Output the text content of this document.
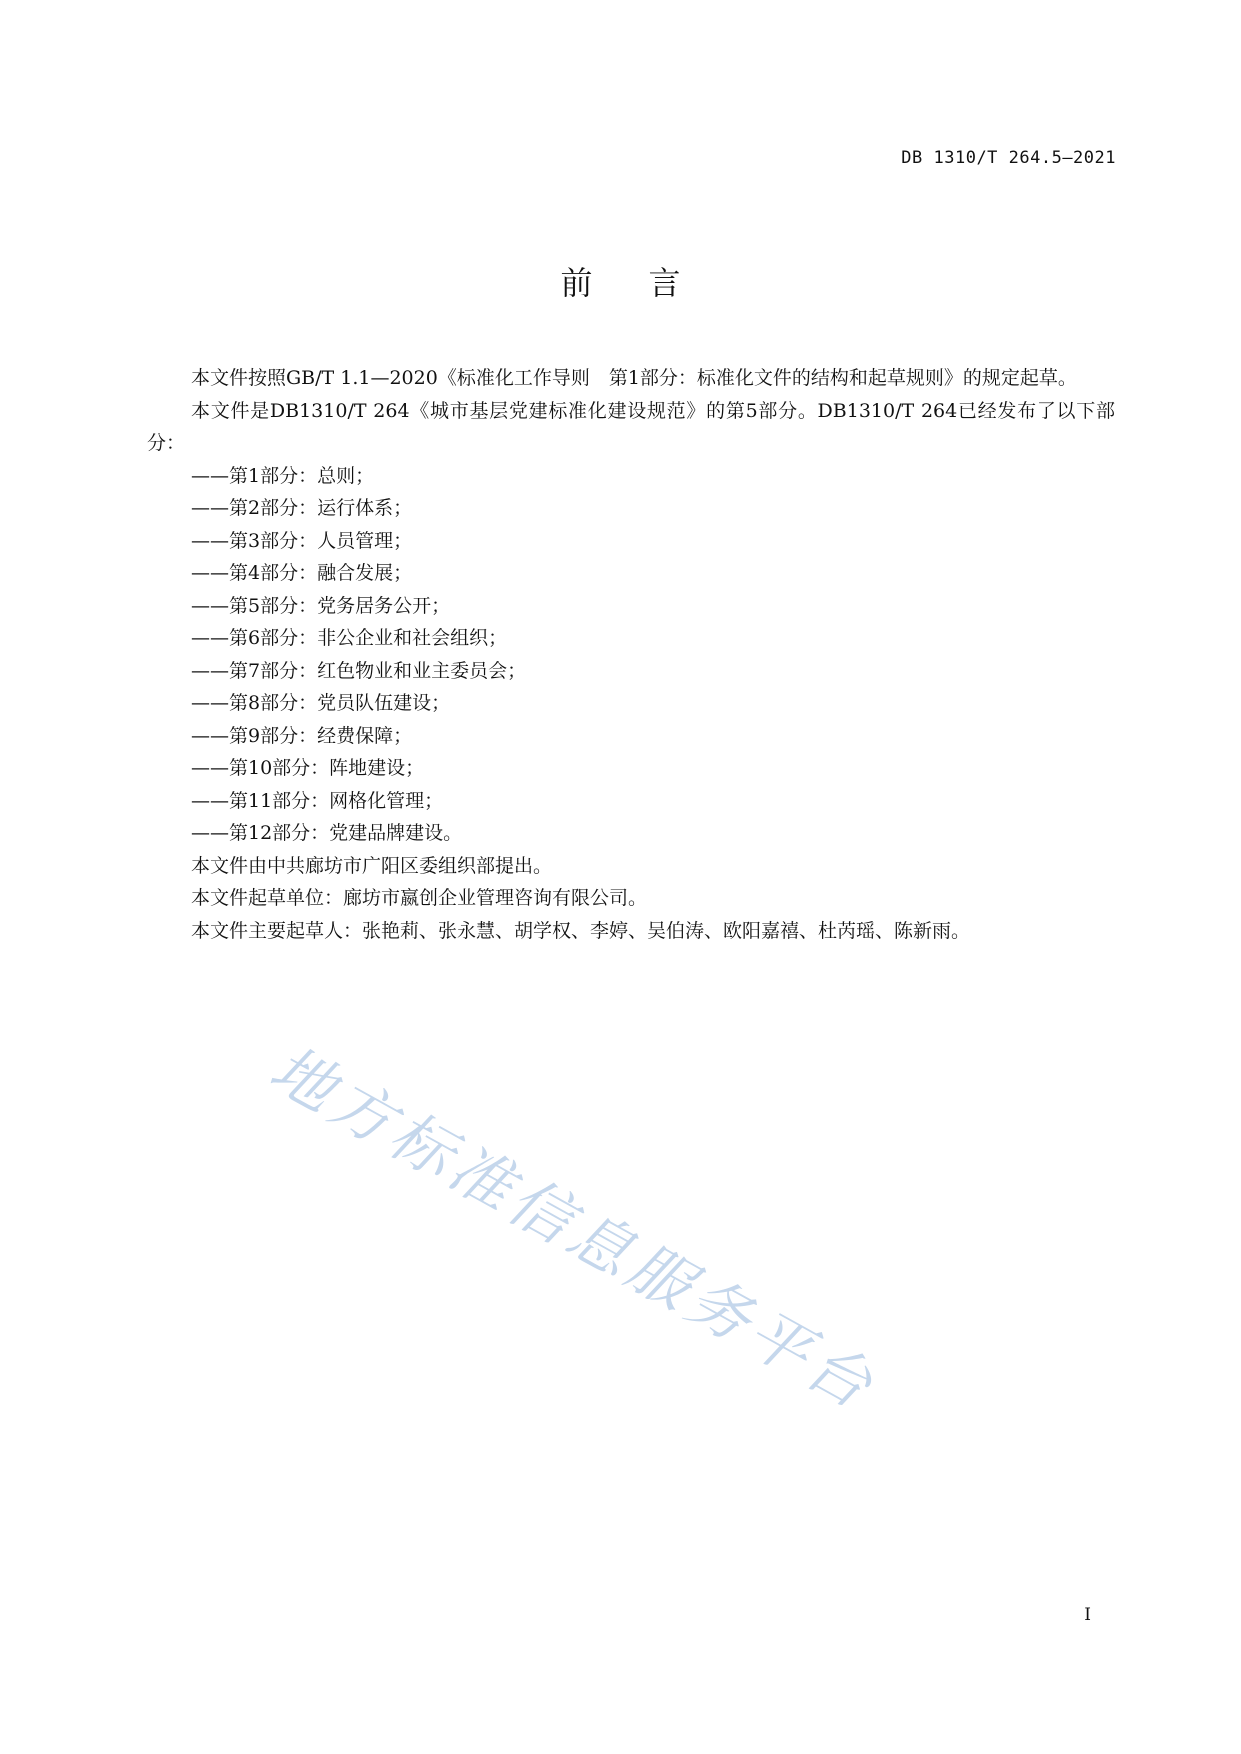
DB 1310/T 264.5—2021
前言

本文件按照GB/T 1.1—2020《标准化工作导则　第1部分：标准化文件的结构和起草规则》的规定起草。

本文件是DB1310/T 264《城市基层党建标准化建设规范》的第5部分。DB1310/T 264已经发布了以下部分：

——第1部分：总则；

——第2部分：运行体系；

——第3部分：人员管理；

——第4部分：融合发展；

——第5部分：党务居务公开；

——第6部分：非公企业和社会组织；

——第7部分：红色物业和业主委员会；

——第8部分：党员队伍建设；

——第9部分：经费保障；

——第10部分：阵地建设；

——第11部分：网格化管理；

——第12部分：党建品牌建设。

本文件由中共廊坊市广阳区委组织部提出。

本文件起草单位：廊坊市嬴创企业管理咨询有限公司。

本文件主要起草人：张艳莉、张永慧、胡学权、李婷、吴伯涛、欧阳嘉禧、杜芮瑶、陈新雨。

地方标准信息服务平台
I
